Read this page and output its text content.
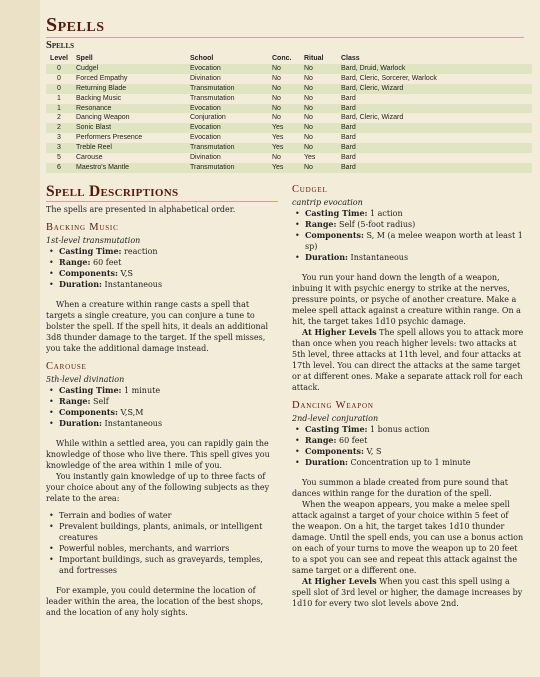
Spells
Spells
Level	Spell	School	Conc.	Ritual	Class
0	Cudgel	Evocation	No	No	Bard, Druid, Warlock
0	Forced Empathy	Divination	No	No	Bard, Cleric, Sorcerer, Warlock
0	Returning Blade	Transmutation	No	No	Bard, Cleric, Wizard
1	Backing Music	Transmutation	No	No	Bard
1	Resonance	Evocation	No	No	Bard
2	Dancing Weapon	Conjuration	No	No	Bard, Cleric, Wizard
2	Sonic Blast	Evocation	Yes	No	Bard
3	Performers Presence	Evocation	Yes	No	Bard
3	Treble Reel	Transmutation	Yes	No	Bard
5	Carouse	Divination	No	Yes	Bard
6	Maestro's Mantle	Transmutation	Yes	No	Bard
Spell Descriptions

The spells are presented in alphabetical order.

Backing Music
1st-level transmutation
• Casting Time: reaction
• Range: 60 feet
• Components: V,S
• Duration: Instantaneous

When a creature within range casts a spell that targets a single creature, you can conjure a tune to bolster the spell. If the spell hits, it deals an additional 3d8 thunder damage to the target. If the spell misses, you take the additional damage instead.

Carouse
5th-level divination
• Casting Time: 1 minute
• Range: Self
• Components: V,S,M
• Duration: Instantaneous

While within a settled area, you can rapidly gain the knowledge of those who live there. This spell gives you knowledge of the area within 1 mile of you.

You instantly gain knowledge of up to three facts of your choice about any of the following subjects as they relate to the area:

• Terrain and bodies of water
• Prevalent buildings, plants, animals, or intelligent creatures
• Powerful nobles, merchants, and warriors
• Important buildings, such as graveyards, temples, and fortresses

For example, you could determine the location of leader within the area, the location of the best shops, and the location of any holy sights.

Cudgel
cantrip evocation
• Casting Time: 1 action
• Range: Self (5-foot radius)
• Components: S, M (a melee weapon worth at least 1 sp)
• Duration: Instantaneous

You run your hand down the length of a weapon, inbuing it with psychic energy to strike at the nerves, pressure points, or psyche of another creature. Make a melee spell attack against a creature within range. On a hit, the target takes 1d10 psychic damage.

At Higher Levels The spell allows you to attack more than once when you reach higher levels: two attacks at 5th level, three attacks at 11th level, and four attacks at 17th level. You can direct the attacks at the same target or at different ones. Make a separate attack roll for each attack.

Dancing Weapon
2nd-level conjuration
• Casting Time: 1 bonus action
• Range: 60 feet
• Components: V, S
• Duration: Concentration up to 1 minute

You summon a blade created from pure sound that dances within range for the duration of the spell.

When the weapon appears, you make a melee spell attack against a target of your choice within 5 feet of the weapon. On a hit, the target takes 1d10 thunder damage. Until the spell ends, you can use a bonus action on each of your turns to move the weapon up to 20 feet to a spot you can see and repeat this attack against the same target or a different one.

At Higher Levels When you cast this spell using a spell slot of 3rd level or higher, the damage increases by 1d10 for every two slot levels above 2nd.
